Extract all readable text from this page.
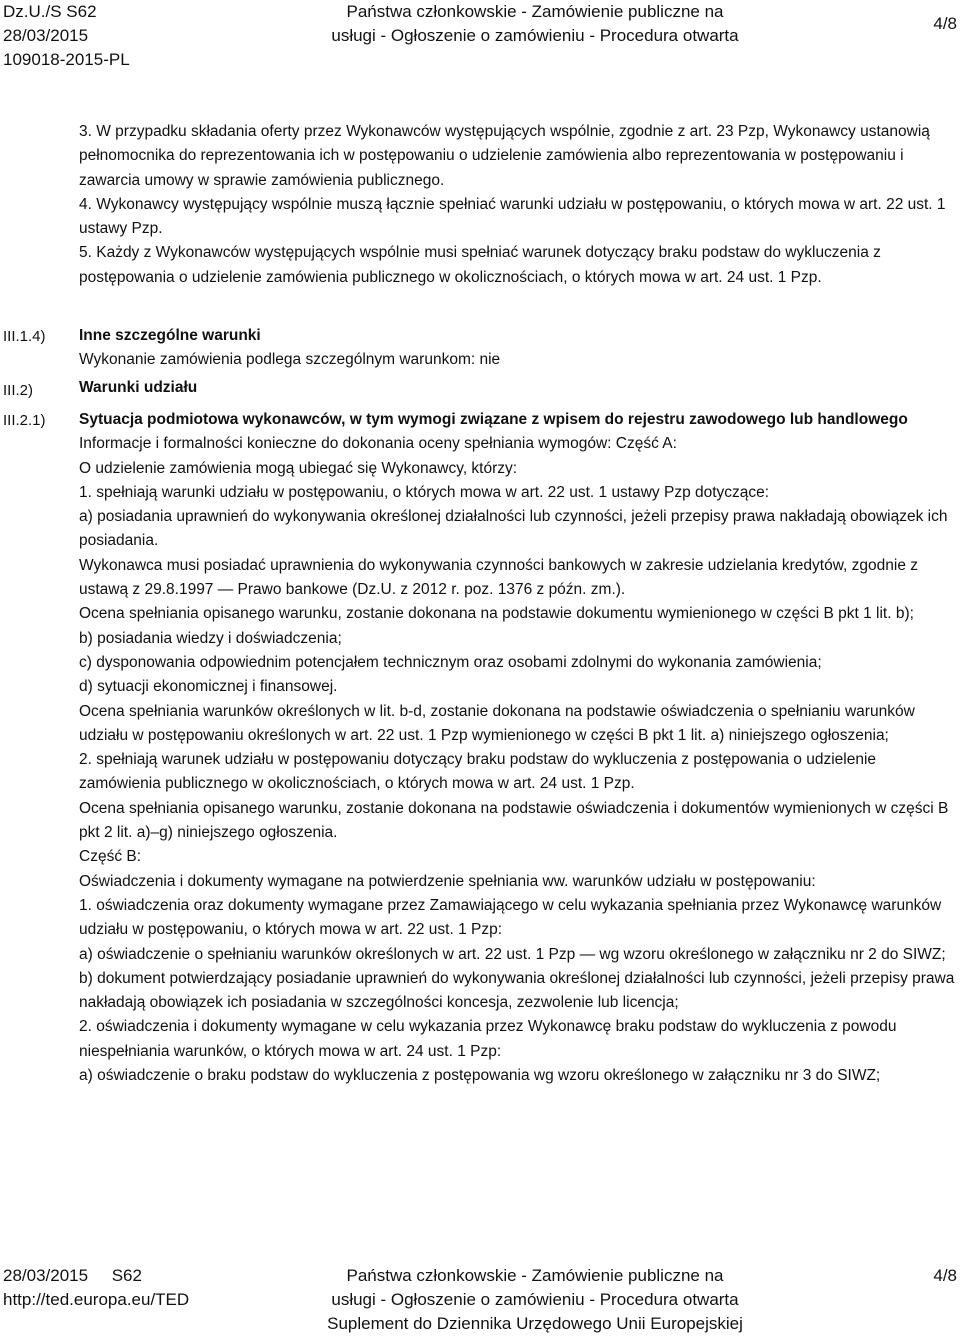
Dz.U./S S62
28/03/2015
109018-2015-PL
Państwa członkowskie - Zamówienie publiczne na
usługi - Ogłoszenie o zamówieniu - Procedura otwarta
4/8

3. W przypadku składania oferty przez Wykonawców występujących wspólnie, zgodnie z art. 23 Pzp, Wykonawcy ustanowią pełnomocnika do reprezentowania ich w postępowaniu o udzielenie zamówienia albo reprezentowania w postępowaniu i zawarcia umowy w sprawie zamówienia publicznego.

4. Wykonawcy występujący wspólnie muszą łącznie spełniać warunki udziału w postępowaniu, o których mowa w art. 22 ust. 1 ustawy Pzp.

5. Każdy z Wykonawców występujących wspólnie musi spełniać warunek dotyczący braku podstaw do wykluczenia z postępowania o udzielenie zamówienia publicznego w okolicznościach, o których mowa w art. 24 ust. 1 Pzp.

III.1.4) Inne szczególne warunki

Wykonanie zamówienia podlega szczególnym warunkom: nie

III.2)	Warunki udziału

III.2.1) Sytuacja podmiotowa wykonawców, w tym wymogi związane z wpisem do rejestru zawodowego lub handlowego

Informacje i formalności konieczne do dokonania oceny spełniania wymogów: Część A:

O udzielenie zamówienia mogą ubiegać się Wykonawcy, którzy:

1. spełniają warunki udziału w postępowaniu, o których mowa w art. 22 ust. 1 ustawy Pzp dotyczące:

a) posiadania uprawnień do wykonywania określonej działalności lub czynności, jeżeli przepisy prawa nakładają obowiązek ich posiadania.

Wykonawca musi posiadać uprawnienia do wykonywania czynności bankowych w zakresie udzielania kredytów, zgodnie z ustawą z 29.8.1997 — Prawo bankowe (Dz.U. z 2012 r. poz. 1376 z późn. zm.).

Ocena spełniania opisanego warunku, zostanie dokonana na podstawie dokumentu wymienionego w części B pkt 1 lit. b);

b) posiadania wiedzy i doświadczenia;

c) dysponowania odpowiednim potencjałem technicznym oraz osobami zdolnymi do wykonania zamówienia;

d) sytuacji ekonomicznej i finansowej.

Ocena spełniania warunków określonych w lit. b-d, zostanie dokonana na podstawie oświadczenia o spełnianiu warunków udziału w postępowaniu określonych w art. 22 ust. 1 Pzp wymienionego w części B pkt 1 lit. a) niniejszego ogłoszenia;

2. spełniają warunek udziału w postępowaniu dotyczący braku podstaw do wykluczenia z postępowania o udzielenie zamówienia publicznego w okolicznościach, o których mowa w art. 24 ust. 1 Pzp.

Ocena spełniania opisanego warunku, zostanie dokonana na podstawie oświadczenia i dokumentów wymienionych w części B pkt 2 lit. a)–g) niniejszego ogłoszenia.

Część B:

Oświadczenia i dokumenty wymagane na potwierdzenie spełniania ww. warunków udziału w postępowaniu:

1. oświadczenia oraz dokumenty wymagane przez Zamawiającego w celu wykazania spełniania przez Wykonawcę warunków udziału w postępowaniu, o których mowa w art. 22 ust. 1 Pzp:

a) oświadczenie o spełnianiu warunków określonych w art. 22 ust. 1 Pzp — wg wzoru określonego w załączniku nr 2 do SIWZ;

b) dokument potwierdzający posiadanie uprawnień do wykonywania określonej działalności lub czynności, jeżeli przepisy prawa nakładają obowiązek ich posiadania w szczególności koncesja, zezwolenie lub licencja;

2. oświadczenia i dokumenty wymagane w celu wykazania przez Wykonawcę braku podstaw do wykluczenia z powodu niespełniania warunków, o których mowa w art. 24 ust. 1 Pzp:

a) oświadczenie o braku podstaw do wykluczenia z postępowania wg wzoru określonego w załączniku nr 3 do SIWZ;

28/03/2015     S62
http://ted.europa.eu/TED
Państwa członkowskie - Zamówienie publiczne na
usługi - Ogłoszenie o zamówieniu - Procedura otwarta
Suplement do Dziennika Urzędowego Unii Europejskiej
4/8
